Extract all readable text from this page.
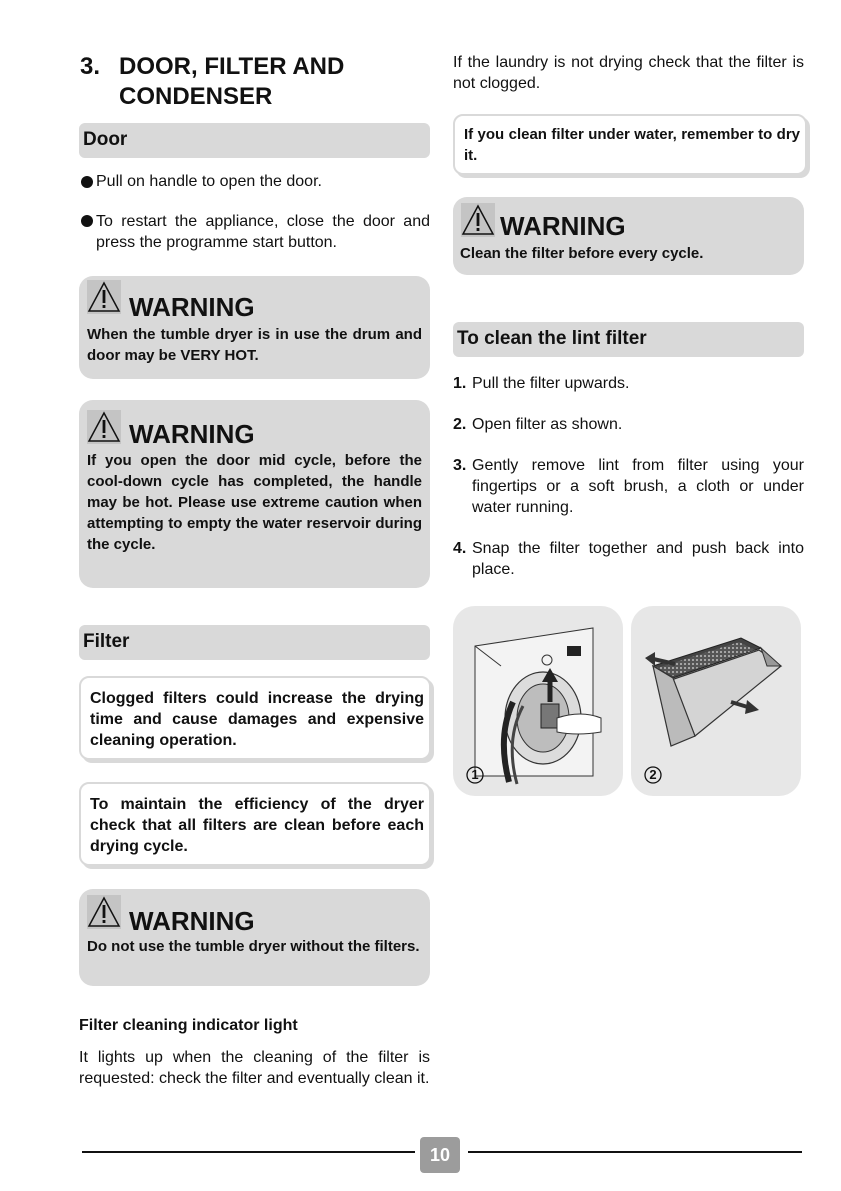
3. DOOR, FILTER AND CONDENSER
Door
Pull on handle to open the door.
To restart the appliance, close the door and press the programme start button.
WARNING
When the tumble dryer is in use the drum and door may be VERY HOT.
WARNING
If you open the door mid cycle, before the cool-down cycle has completed, the handle may be hot. Please use extreme caution when attempting to empty the water reservoir during the cycle.
Filter
Clogged filters could increase the drying time and cause damages and expensive cleaning operation.
To maintain the efficiency of the dryer check that all filters are clean before each drying cycle.
WARNING
Do not use the tumble dryer without the filters.
Filter cleaning indicator light
It lights up when the cleaning of the filter is requested: check the filter and eventually clean it.
If the laundry is not drying check that the filter is not clogged.
If you clean filter under water, remember to dry it.
WARNING
Clean the filter before every cycle.
To clean the lint filter
1. Pull the filter upwards.
2. Open filter as shown.
3. Gently remove lint from filter using your fingertips or a soft brush, a cloth or under water running.
4. Snap the filter together and push back into place.
1	2
10
